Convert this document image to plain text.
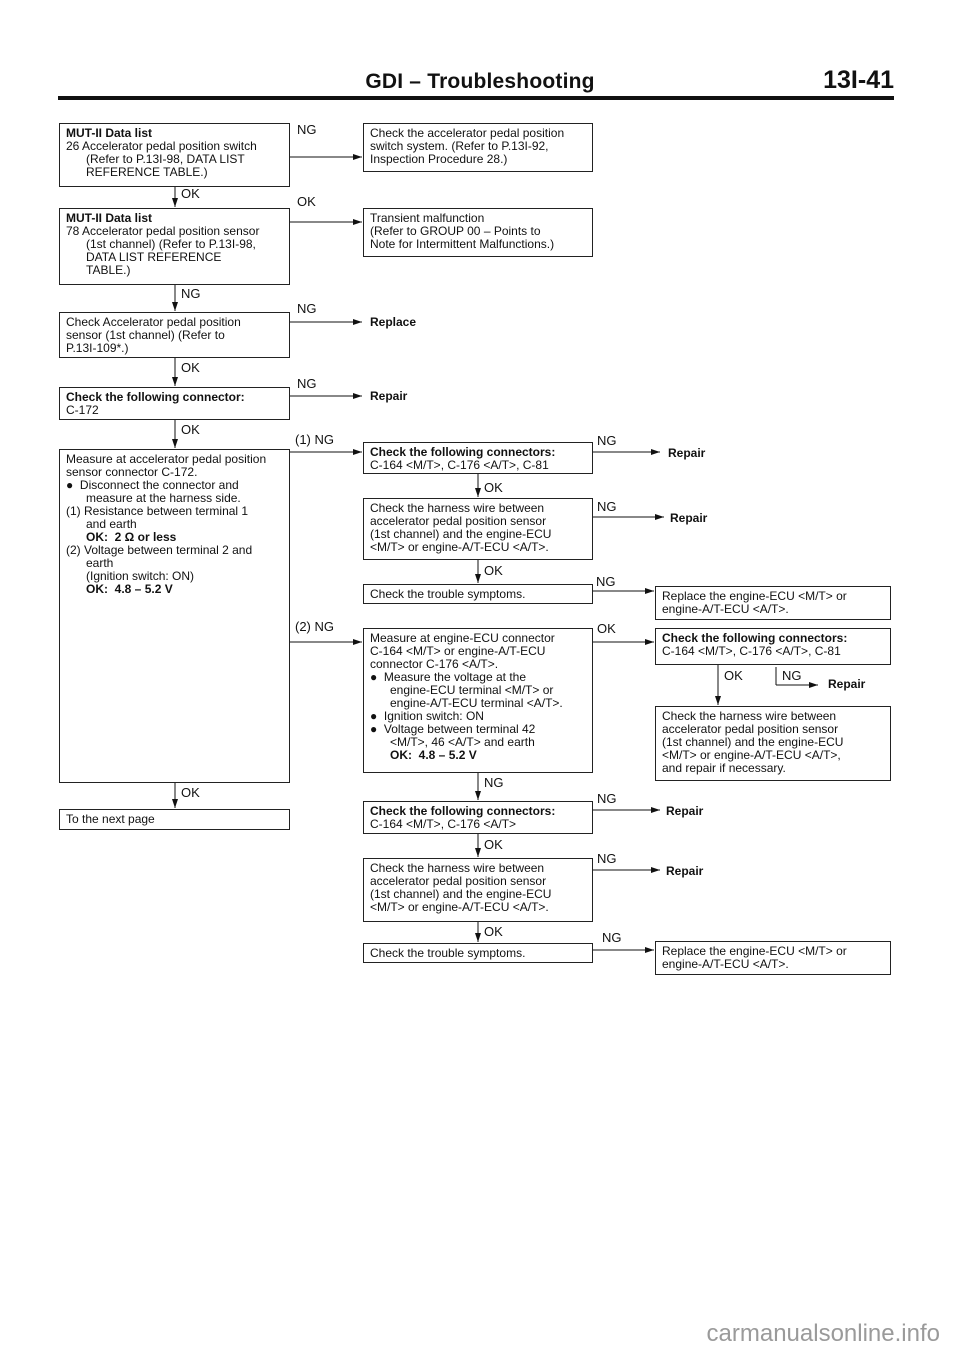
GDI – Troubleshooting	13I-41
MUT-II Data list
26 Accelerator pedal position switch
(Refer to P.13I-98, DATA LIST
REFERENCE TABLE.)
MUT-II Data list
78 Accelerator pedal position sensor
(1st channel) (Refer to P.13I-98,
DATA LIST REFERENCE
TABLE.)
Check Accelerator pedal position
sensor (1st channel) (Refer to
P.13I-109*.)
Check the following connector:
C-172
Measure at accelerator pedal position
sensor connector C-172.
●  Disconnect the connector and
measure at the harness side.
(1) Resistance between terminal 1
and earth
OK:  2 Ω or less
(2) Voltage between terminal 2 and
earth
(Ignition switch: ON)
OK:  4.8 – 5.2 V
To the next page
Check the accelerator pedal position
switch system. (Refer to P.13I-92,
Inspection Procedure 28.)
Transient malfunction
(Refer to GROUP 00 – Points to
Note for Intermittent Malfunctions.)
Check the following connectors:
C-164 <M/T>, C-176 <A/T>, C-81
Check the harness wire between
accelerator pedal position sensor
(1st channel) and the engine-ECU
<M/T> or engine-A/T-ECU <A/T>.
Check the trouble symptoms.
Measure at engine-ECU connector
C-164 <M/T> or engine-A/T-ECU
connector C-176 <A/T>.
●  Measure the voltage at the
engine-ECU terminal <M/T> or
engine-A/T-ECU terminal <A/T>.
●  Ignition switch: ON
●  Voltage between terminal 42
<M/T>, 46 <A/T> and earth
OK:  4.8 – 5.2 V
Check the following connectors:
C-164 <M/T>, C-176 <A/T>
Check the harness wire between
accelerator pedal position sensor
(1st channel) and the engine-ECU
<M/T> or engine-A/T-ECU <A/T>.
Check the trouble symptoms.
Replace the engine-ECU <M/T> or
engine-A/T-ECU <A/T>.
Check the following connectors:
C-164 <M/T>, C-176 <A/T>, C-81
Check the harness wire between
accelerator pedal position sensor
(1st channel) and the engine-ECU
<M/T> or engine-A/T-ECU <A/T>,
and repair if necessary.
Replace the engine-ECU <M/T> or
engine-A/T-ECU <A/T>.
NG
OK
OK
NG
NG
OK
NG
OK
(1) NG
(2) NG
OK
NG
OK
NG
OK
NG
OK
NG
NG
OK
NG
OK	NG
OK	NG
Replace
Repair
Repair
Repair
Repair
Repair
Repair
carmanualsonline.info
